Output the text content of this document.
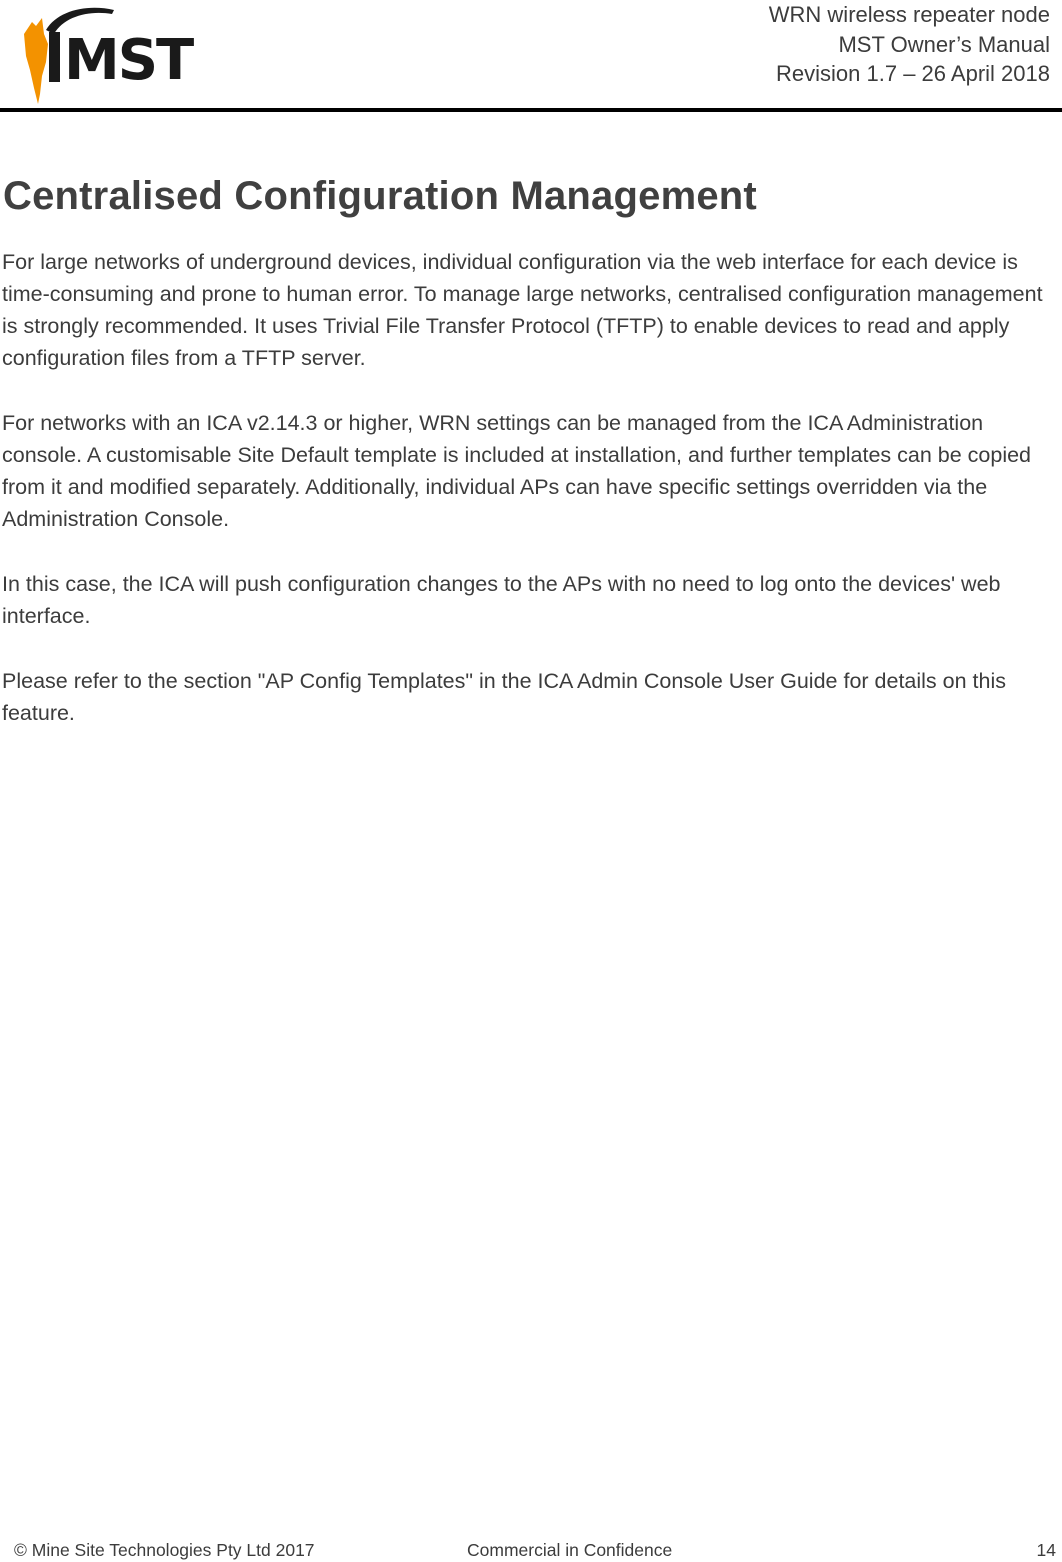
MST
WRN wireless repeater node
MST Owner’s Manual
Revision 1.7 – 26 April 2018
Centralised Configuration Management

For large networks of underground devices, individual configuration via the web interface for each device is time-consuming and prone to human error. To manage large networks, centralised configuration management is strongly recommended. It uses Trivial File Transfer Protocol (TFTP) to enable devices to read and apply configuration files from a TFTP server.

For networks with an ICA v2.14.3 or higher, WRN settings can be managed from the ICA Administration console. A customisable Site Default template is included at installation, and further templates can be copied from it and modified separately. Additionally, individual APs can have specific settings overridden via the Administration Console.

In this case, the ICA will push configuration changes to the APs with no need to log onto the devices' web interface.

Please refer to the section "AP Config Templates" in the ICA Admin Console User Guide for details on this feature.

© Mine Site Technologies Pty Ltd 2017	Commercial in Confidence	14
